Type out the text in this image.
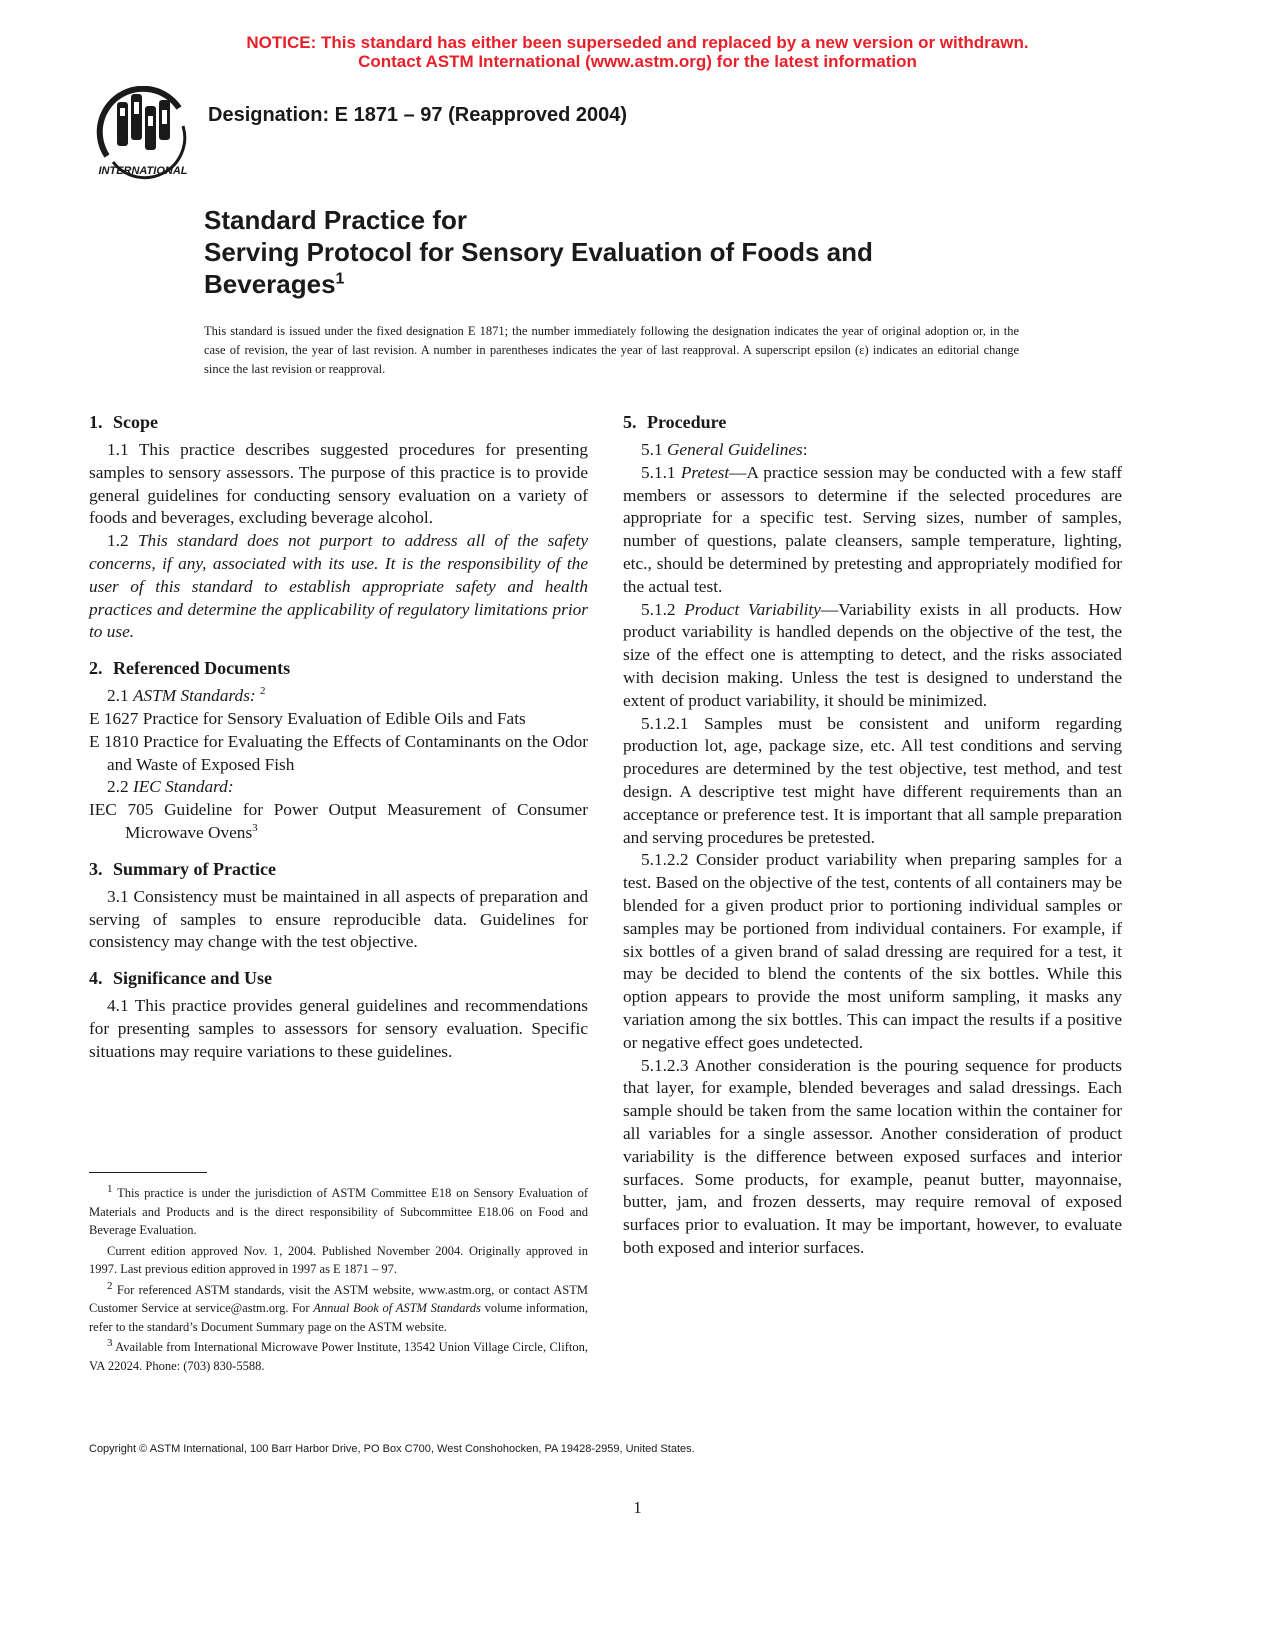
NOTICE: This standard has either been superseded and replaced by a new version or withdrawn.
Contact ASTM International (www.astm.org) for the latest information
INTERNATIONAL
Designation: E 1871 – 97 (Reapproved 2004)
Standard Practice for
Serving Protocol for Sensory Evaluation of Foods and
Beverages$^1$
This standard is issued under the fixed designation E 1871; the number immediately following the designation indicates the year of original adoption or, in the case of revision, the year of last revision. A number in parentheses indicates the year of last reapproval. A superscript epsilon (ε) indicates an editorial change since the last revision or reapproval.
1. Scope

1.1 This practice describes suggested procedures for presenting samples to sensory assessors. The purpose of this practice is to provide general guidelines for conducting sensory evaluation on a variety of foods and beverages, excluding beverage alcohol.

1.2 This standard does not purport to address all of the safety concerns, if any, associated with its use. It is the responsibility of the user of this standard to establish appropriate safety and health practices and determine the applicability of regulatory limitations prior to use.

2. Referenced Documents

2.1 ASTM Standards: $^2$

E 1627 Practice for Sensory Evaluation of Edible Oils and Fats
E 1810 Practice for Evaluating the Effects of Contaminants on the Odor and Waste of Exposed Fish

2.2 IEC Standard:

IEC 705 Guideline for Power Output Measurement of Consumer Microwave Ovens$^3$
3. Summary of Practice

3.1 Consistency must be maintained in all aspects of preparation and serving of samples to ensure reproducible data. Guidelines for consistency may change with the test objective.

4. Significance and Use

4.1 This practice provides general guidelines and recommendations for presenting samples to assessors for sensory evaluation. Specific situations may require variations to these guidelines.

5. Procedure

5.1 General Guidelines:

5.1.1 Pretest—A practice session may be conducted with a few staff members or assessors to determine if the selected procedures are appropriate for a specific test. Serving sizes, number of samples, number of questions, palate cleansers, sample temperature, lighting, etc., should be determined by pretesting and appropriately modified for the actual test.

5.1.2 Product Variability—Variability exists in all products. How product variability is handled depends on the objective of the test, the size of the effect one is attempting to detect, and the risks associated with decision making. Unless the test is designed to understand the extent of product variability, it should be minimized.

5.1.2.1 Samples must be consistent and uniform regarding production lot, age, package size, etc. All test conditions and serving procedures are determined by the test objective, test method, and test design. A descriptive test might have different requirements than an acceptance or preference test. It is important that all sample preparation and serving procedures be pretested.

5.1.2.2 Consider product variability when preparing samples for a test. Based on the objective of the test, contents of all containers may be blended for a given product prior to portioning individual samples or samples may be portioned from individual containers. For example, if six bottles of a given brand of salad dressing are required for a test, it may be decided to blend the contents of the six bottles. While this option appears to provide the most uniform sampling, it masks any variation among the six bottles. This can impact the results if a positive or negative effect goes undetected.

5.1.2.3 Another consideration is the pouring sequence for products that layer, for example, blended beverages and salad dressings. Each sample should be taken from the same location within the container for all variables for a single assessor. Another consideration of product variability is the difference between exposed surfaces and interior surfaces. Some products, for example, peanut butter, mayonnaise, butter, jam, and frozen desserts, may require removal of exposed surfaces prior to evaluation. It may be important, however, to evaluate both exposed and interior surfaces.

$^1$ This practice is under the jurisdiction of ASTM Committee E18 on Sensory Evaluation of Materials and Products and is the direct responsibility of Subcommittee E18.06 on Food and Beverage Evaluation.

Current edition approved Nov. 1, 2004. Published November 2004. Originally approved in 1997. Last previous edition approved in 1997 as E 1871 – 97.

$^2$ For referenced ASTM standards, visit the ASTM website, www.astm.org, or contact ASTM Customer Service at service@astm.org. For Annual Book of ASTM Standards volume information, refer to the standard’s Document Summary page on the ASTM website.

$^3$ Available from International Microwave Power Institute, 13542 Union Village Circle, Clifton, VA 22024. Phone: (703) 830-5588.

Copyright © ASTM International, 100 Barr Harbor Drive, PO Box C700, West Conshohocken, PA 19428-2959, United States.
1
